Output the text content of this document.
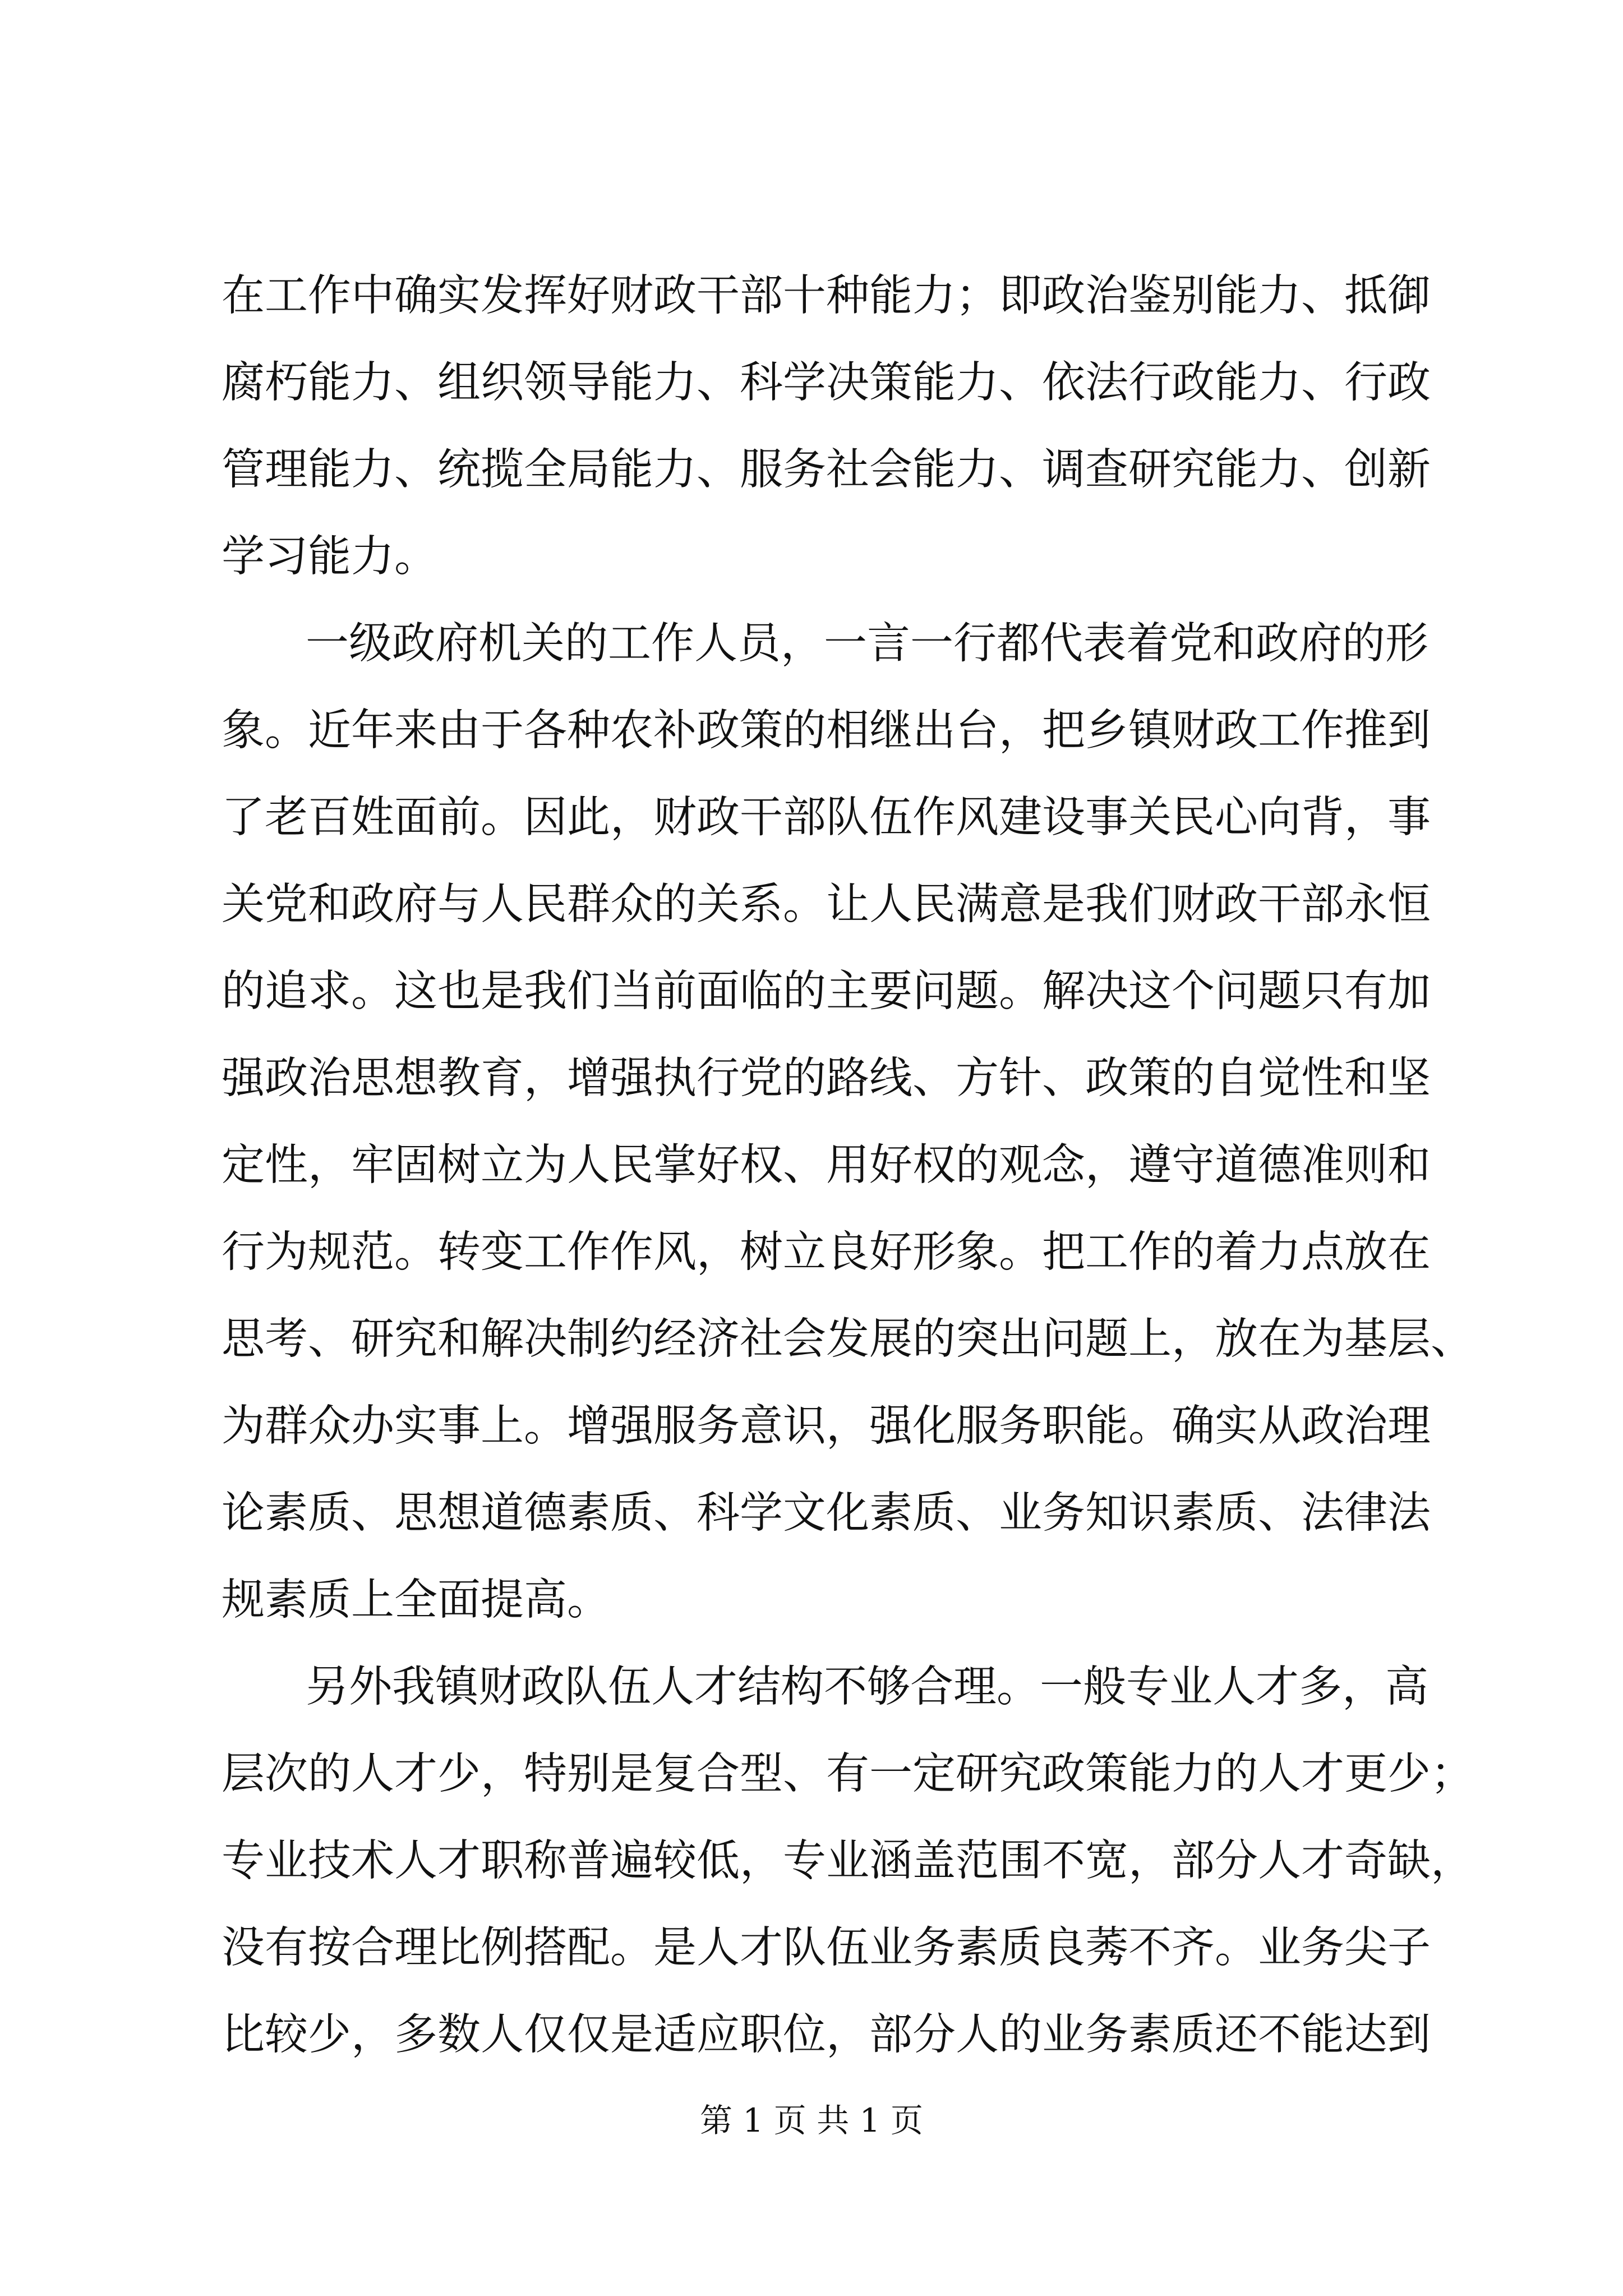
在 工 作 中 确 实 发 挥 好 财 政 干 部 十 种 能 力 ； 即 政 治 鉴 别 能 力 、 抵 御
腐 朽 能 力 、 组 织 领 导 能 力 、 科 学 决 策 能 力 、 依 法 行 政 能 力 、 行 政
管 理 能 力 、 统 揽 全 局 能 力 、 服 务 社 会 能 力 、 调 查 研 究 能 力 、 创 新
学 习 能 力 。
一 级 政 府 机 关 的 工 作 人 员 ， 一 言 一 行 都 代 表 着 党 和 政 府 的 形
象 。 近 年 来 由 于 各 种 农 补 政 策 的 相 继 出 台 ， 把 乡 镇 财 政 工 作 推 到
了 老 百 姓 面 前 。 因 此 ， 财 政 干 部 队 伍 作 风 建 设 事 关 民 心 向 背 ， 事
关 党 和 政 府 与 人 民 群 众 的 关 系 。 让 人 民 满 意 是 我 们 财 政 干 部 永 恒
的 追 求 。 这 也 是 我 们 当 前 面 临 的 主 要 问 题 。 解 决 这 个 问 题 只 有 加
强 政 治 思 想 教 育 ， 增 强 执 行 党 的 路 线 、 方 针 、 政 策 的 自 觉 性 和 坚
定 性 ， 牢 固 树 立 为 人 民 掌 好 权 、 用 好 权 的 观 念 ， 遵 守 道 德 准 则 和
行 为 规 范 。 转 变 工 作 作 风 ， 树 立 良 好 形 象 。 把 工 作 的 着 力 点 放 在
思 考 、 研 究 和 解 决 制 约 经 济 社 会 发 展 的 突 出 问 题 上 ， 放 在 为 基 层 、
为 群 众 办 实 事 上 。 增 强 服 务 意 识 ， 强 化 服 务 职 能 。 确 实 从 政 治 理
论 素 质 、 思 想 道 德 素 质 、 科 学 文 化 素 质 、 业 务 知 识 素 质 、 法 律 法
规 素 质 上 全 面 提 高 。
另 外 我 镇 财 政 队 伍 人 才 结 构 不 够 合 理 。 一 般 专 业 人 才 多 ， 高
层 次 的 人 才 少 ， 特 别 是 复 合 型 、 有 一 定 研 究 政 策 能 力 的 人 才 更 少 ；
专 业 技 术 人 才 职 称 普 遍 较 低 ， 专 业 涵 盖 范 围 不 宽 ， 部 分 人 才 奇 缺 ，
没 有 按 合 理 比 例 搭 配 。 是 人 才 队 伍 业 务 素 质 良 莠 不 齐 。 业 务 尖 子
比 较 少 ， 多 数 人 仅 仅 是 适 应 职 位 ， 部 分 人 的 业 务 素 质 还 不 能 达 到
第 1 页 共 1 页
